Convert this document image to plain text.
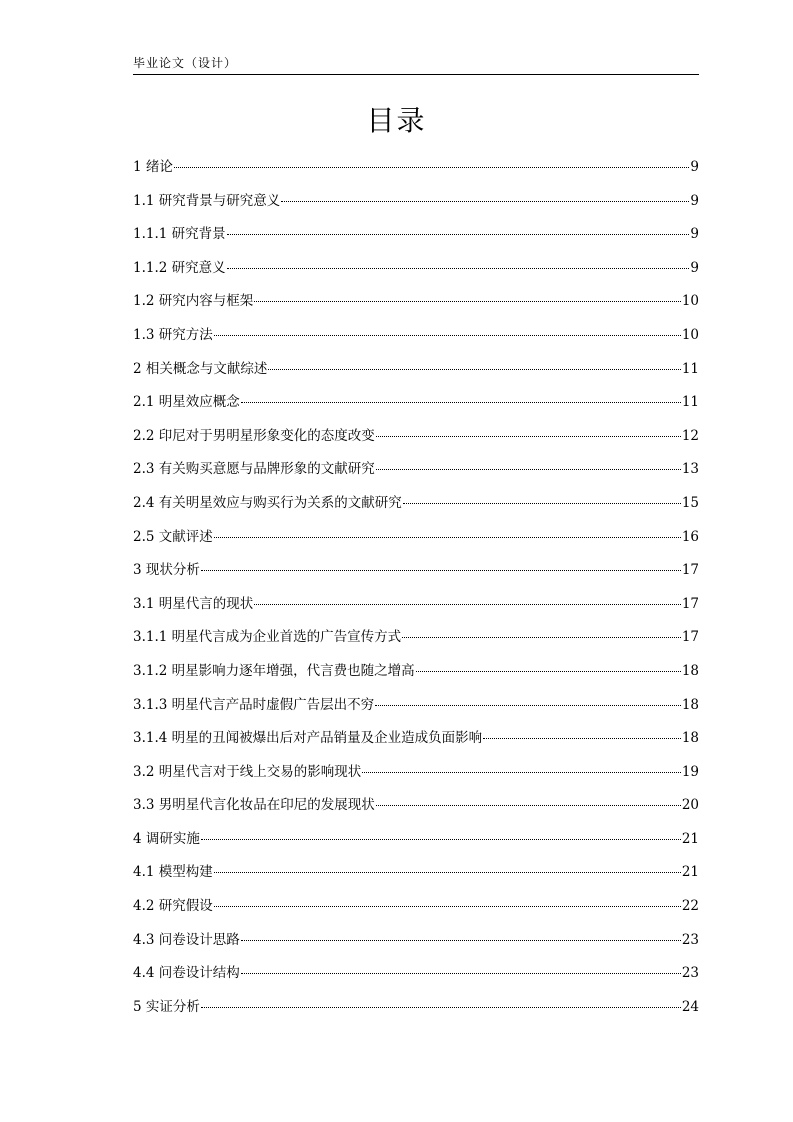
毕业论文（设计）
目录
1 绪论	9
1.1 研究背景与研究意义	9
1.1.1 研究背景	9
1.1.2 研究意义	9
1.2 研究内容与框架	10
1.3 研究方法	10
2 相关概念与文献综述	11
2.1 明星效应概念	11
2.2 印尼对于男明星形象变化的态度改变	12
2.3 有关购买意愿与品牌形象的文献研究	13
2.4 有关明星效应与购买行为关系的文献研究	15
2.5 文献评述	16
3 现状分析	17
3.1 明星代言的现状	17
3.1.1 明星代言成为企业首选的广告宣传方式	17
3.1.2 明星影响力逐年增强，代言费也随之增高	18
3.1.3 明星代言产品时虚假广告层出不穷	18
3.1.4 明星的丑闻被爆出后对产品销量及企业造成负面影响	18
3.2 明星代言对于线上交易的影响现状	19
3.3 男明星代言化妆品在印尼的发展现状	20
4 调研实施	21
4.1 模型构建	21
4.2 研究假设	22
4.3 问卷设计思路	23
4.4 问卷设计结构	23
5 实证分析	24
